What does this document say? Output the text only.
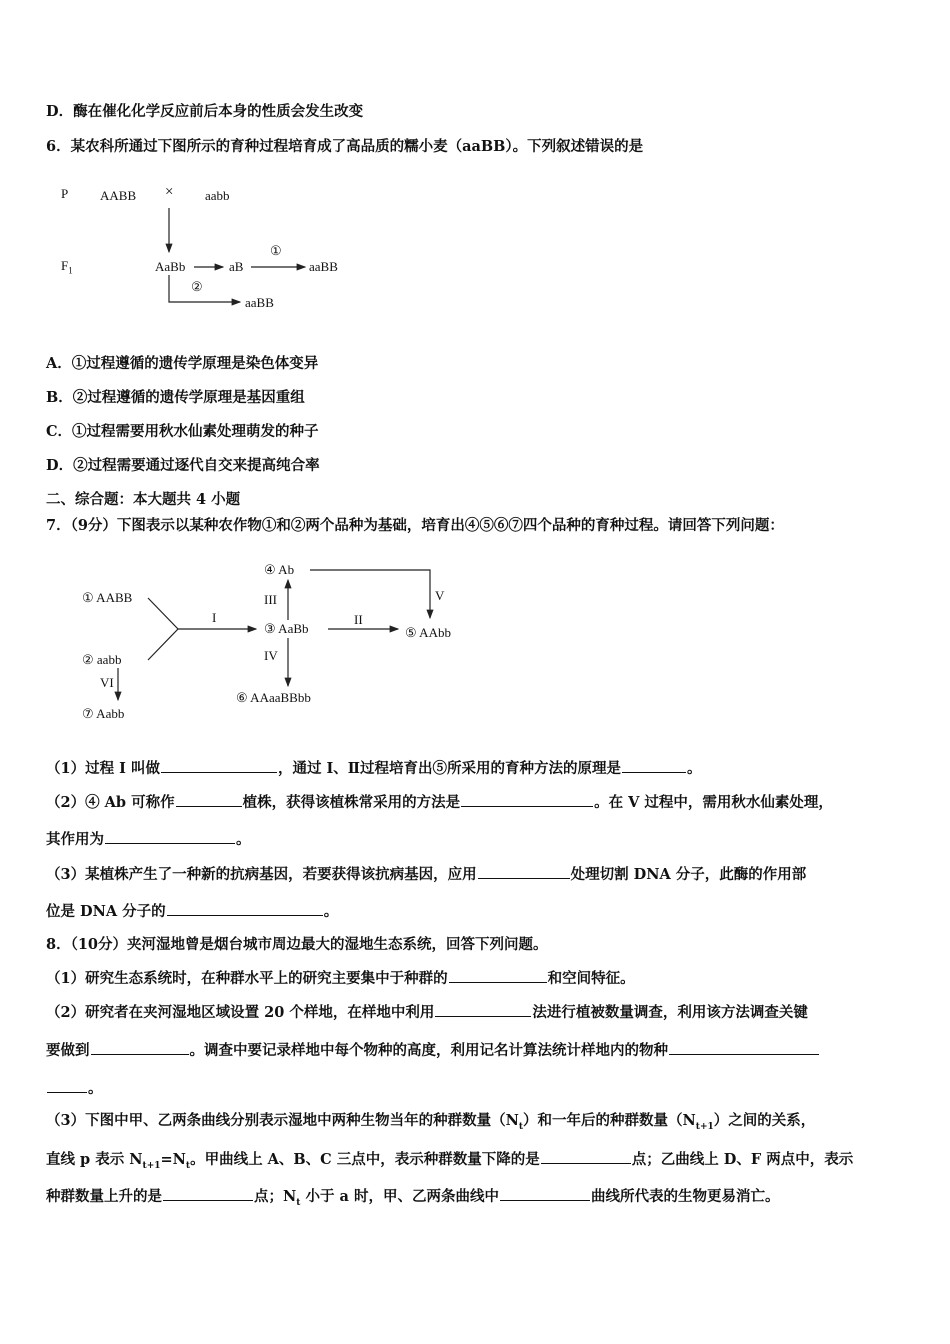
D．酶在催化化学反应前后本身的性质会发生改变
6．某农科所通过下图所示的育种过程培育成了高品质的糯小麦（aaBB）。下列叙述错误的是
P AABB × aabb
$F_1$	AaBb	aB
①
aaBB
②
aaBB
A．①过程遵循的遗传学原理是染色体变异
B．②过程遵循的遗传学原理是基因重组
C．①过程需要用秋水仙素处理萌发的种子
D．②过程需要通过逐代自交来提高纯合率
二、综合题：本大题共 4 小题
7．（9分）下图表示以某种农作物①和②两个品种为基础，培育出④⑤⑥⑦四个品种的育种过程。请回答下列问题：
① AABB
② aabb
⑦ Aabb
④ Ab
③ AaBb	⑤ AAbb
⑥ AAaaBBbb
I	II
III
IV
V
VI
（1）过程 I 叫做	，通过 I、Ⅱ过程培育出⑤所采用的育种方法的原理是	。
（2）④ Ab 可称作	植株，获得该植株常采用的方法是	。在 V 过程中，需用秋水仙素处理，
其作用为	。
（3）某植株产生了一种新的抗病基因，若要获得该抗病基因，应用	处理切割 DNA 分子，此酶的作用部
位是 DNA 分子的	。
8．（10分）夹河湿地曾是烟台城市周边最大的湿地生态系统，回答下列问题。
（1）研究生态系统时，在种群水平上的研究主要集中于种群的	和空间特征。
（2）研究者在夹河湿地区域设置 20 个样地，在样地中利用	法进行植被数量调查，利用该方法调查关键
要做到	。调查中要记录样地中每个物种的高度，利用记名计算法统计样地内的物种
。
（3）下图中甲、乙两条曲线分别表示湿地中两种生物当年的种群数量$(N_t)$和一年后的种群数量$(N_{t+1})$之间的关系，
直线 p 表示 $N_{t+1}=N_t$。甲曲线上 A、B、C 三点中，表示种群数量下降的是	点；乙曲线上 D、F 两点中，表示
种群数量上升的是	点；$N_t$ 小于 a 时，甲、乙两条曲线中	曲线所代表的生物更易消亡。
